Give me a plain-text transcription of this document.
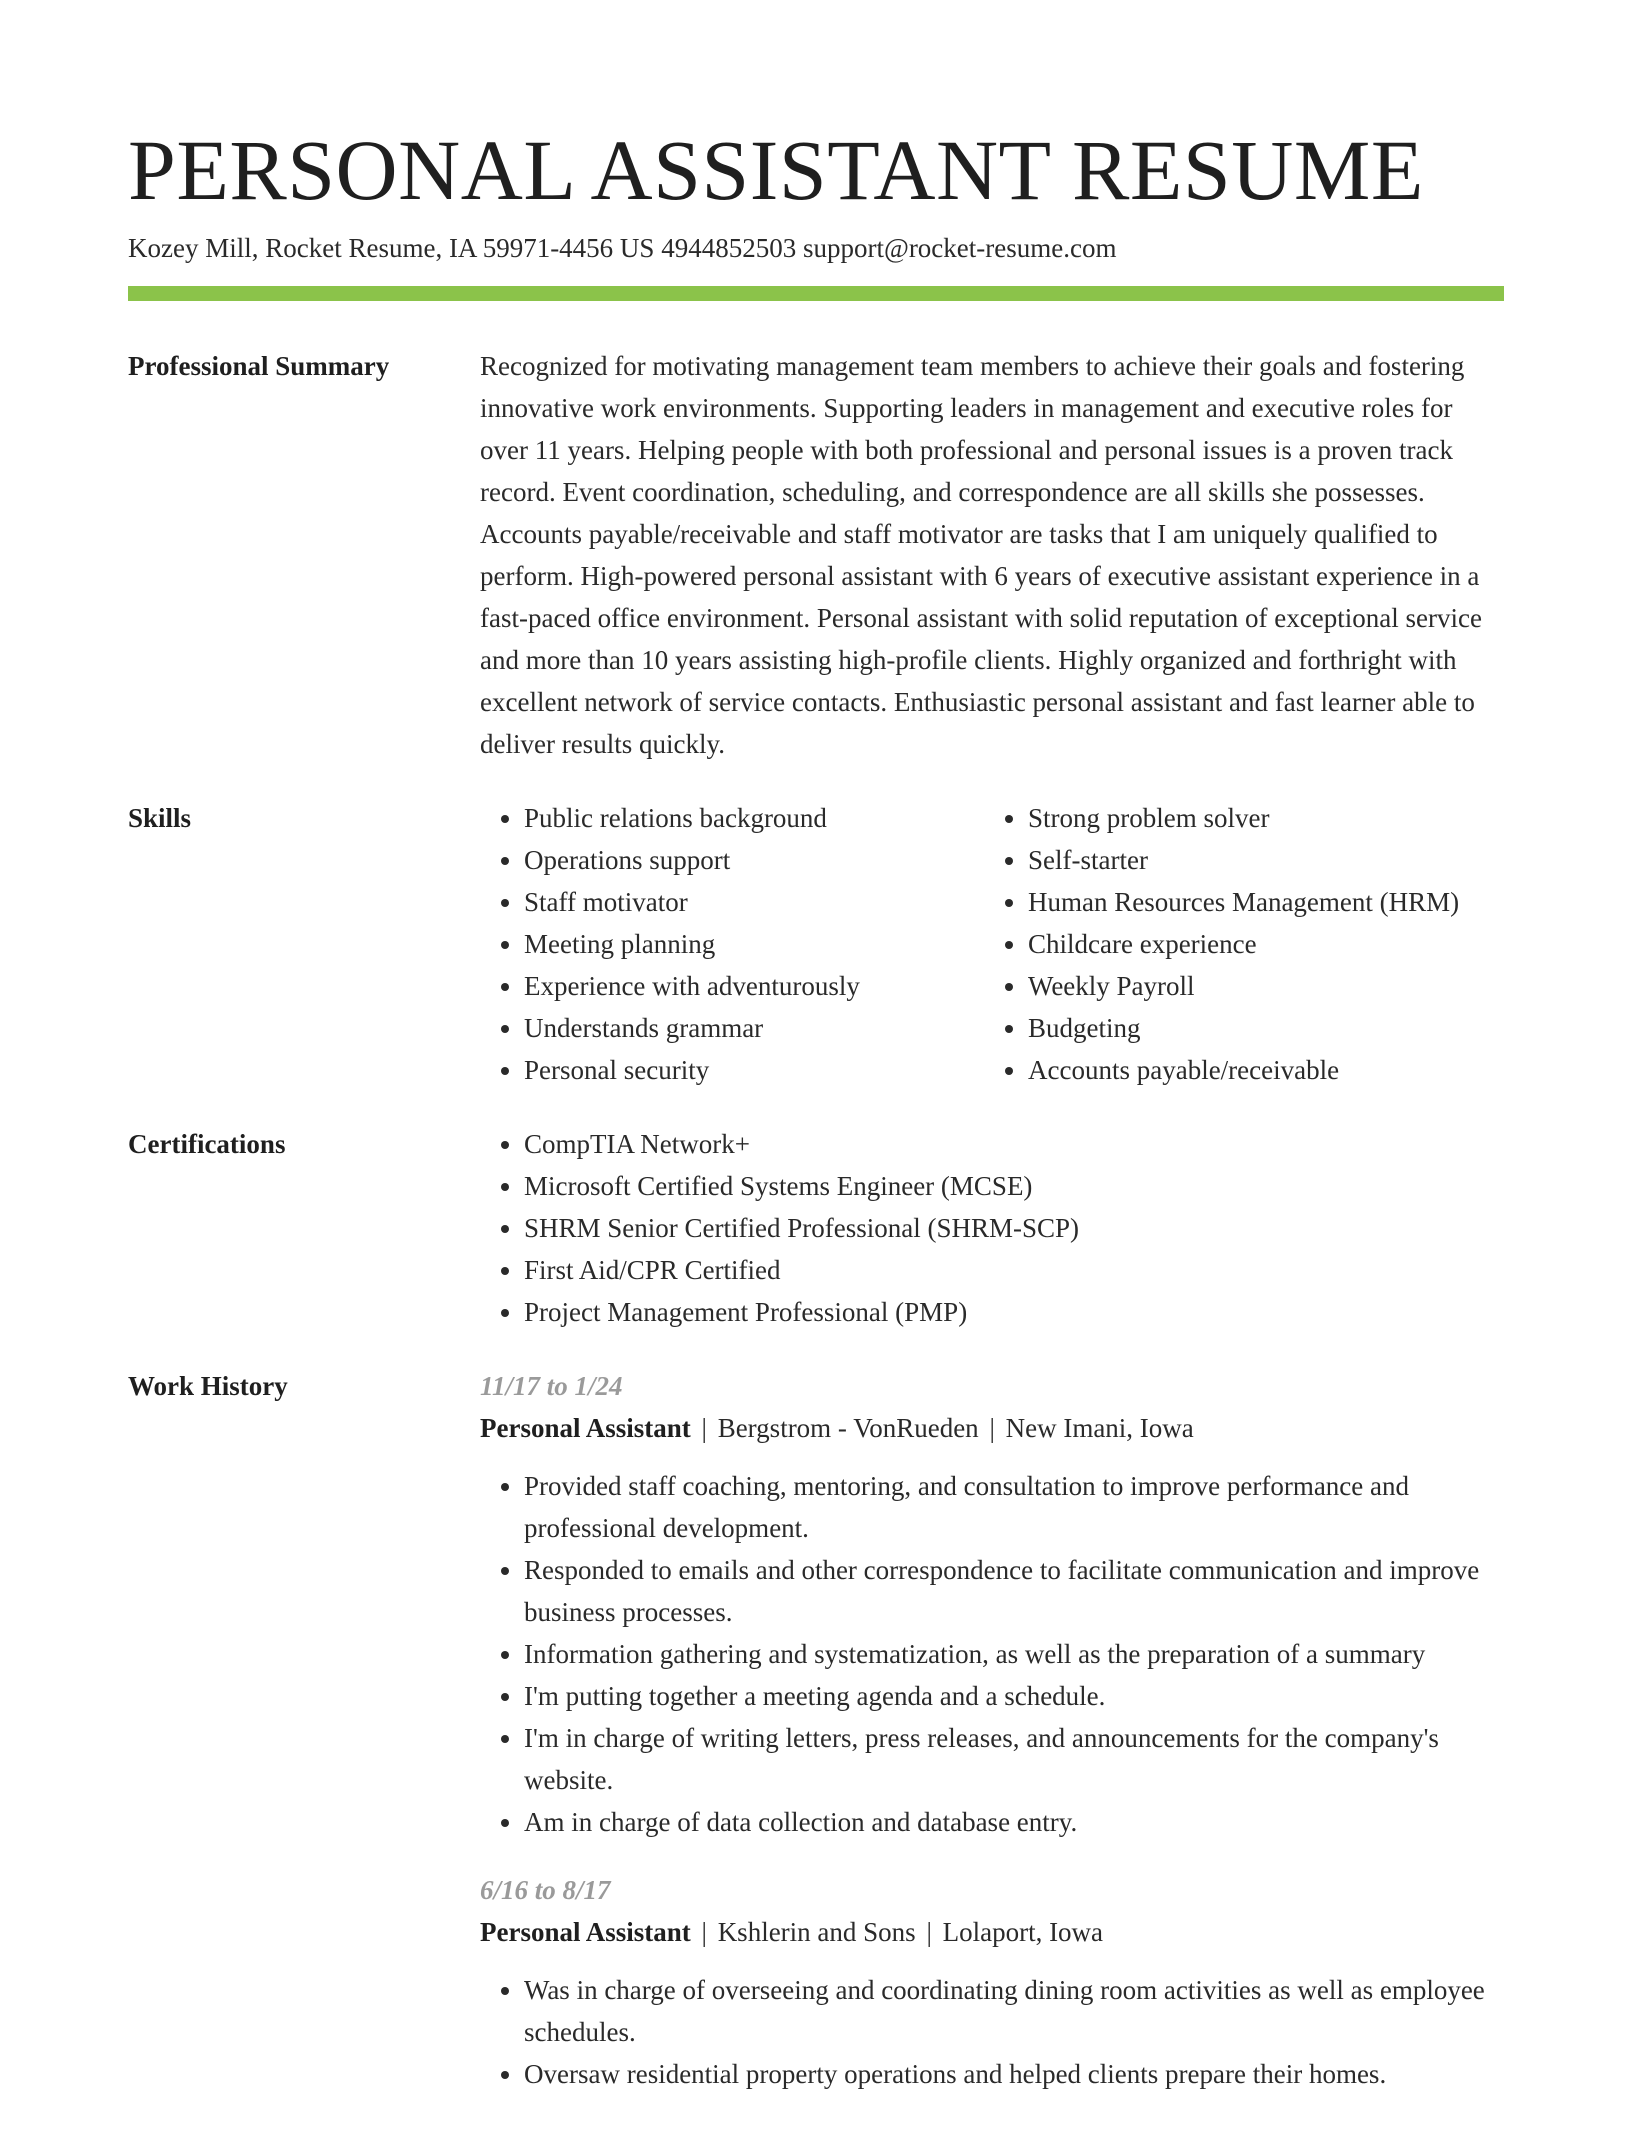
PERSONAL ASSISTANT RESUME
Kozey Mill, Rocket Resume, IA 59971-4456 US 4944852503 support@rocket-resume.com
Professional Summary	Recognized for motivating management team members to achieve their goals and fostering innovative work environments. Supporting leaders in management and executive roles for over 11 years. Helping people with both professional and personal issues is a proven track record. Event coordination, scheduling, and correspondence are all skills she possesses. Accounts payable/receivable and staff motivator are tasks that I am uniquely qualified to perform. High-powered personal assistant with 6 years of executive assistant experience in a fast-paced office environment. Personal assistant with solid reputation of exceptional service and more than 10 years assisting high-profile clients. Highly organized and forthright with excellent network of service contacts. Enthusiastic personal assistant and fast learner able to deliver results quickly.

Skills	• Public relations background
• Operations support
• Staff motivator
• Meeting planning
• Experience with adventurously
• Understands grammar
• Personal security
• Strong problem solver
• Self-starter
• Human Resources Management (HRM)
• Childcare experience
• Weekly Payroll
• Budgeting
• Accounts payable/receivable
Certifications	• CompTIA Network+
• Microsoft Certified Systems Engineer (MCSE)
• SHRM Senior Certified Professional (SHRM-SCP)
• First Aid/CPR Certified
• Project Management Professional (PMP)
Work History	11/17 to 1/24
Personal Assistant | Bergstrom - VonRueden | New Imani, Iowa
• Provided staff coaching, mentoring, and consultation to improve performance and professional development.
• Responded to emails and other correspondence to facilitate communication and improve business processes.
• Information gathering and systematization, as well as the preparation of a summary
• I'm putting together a meeting agenda and a schedule.
• I'm in charge of writing letters, press releases, and announcements for the company's website.
• Am in charge of data collection and database entry.
6/16 to 8/17
Personal Assistant | Kshlerin and Sons | Lolaport, Iowa
• Was in charge of overseeing and coordinating dining room activities as well as employee schedules.
• Oversaw residential property operations and helped clients prepare their homes.
